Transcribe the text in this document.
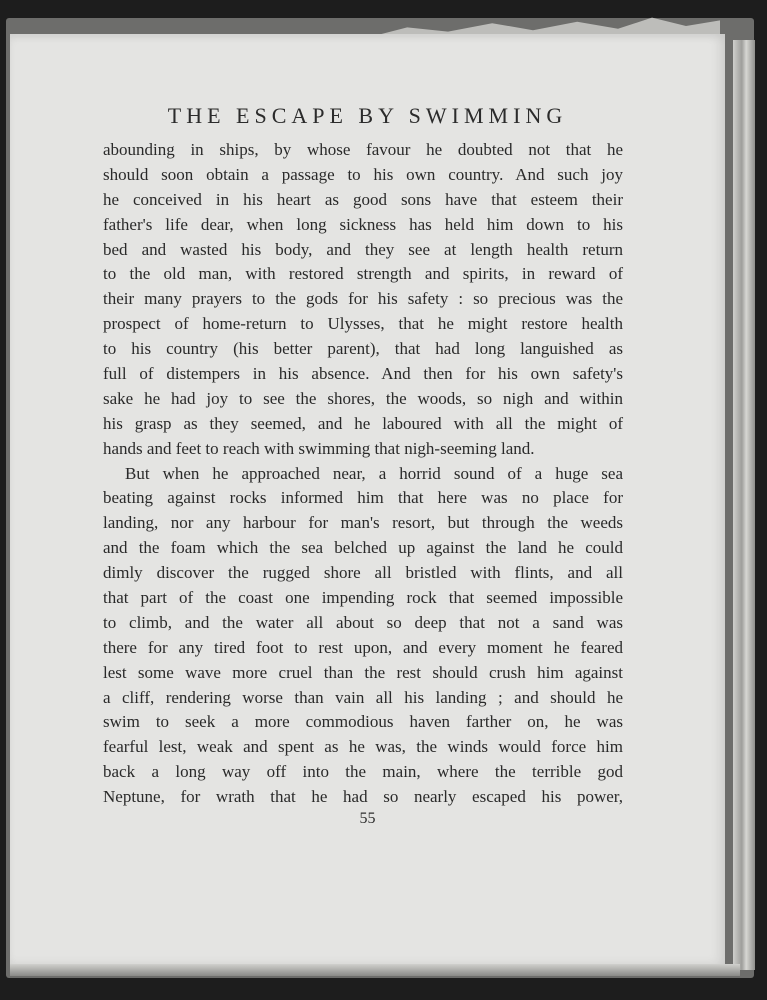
THE ESCAPE BY SWIMMING
abounding in ships, by whose favour he doubted not that he
should soon obtain a passage to his own country. And such joy
he conceived in his heart as good sons have that esteem their
father's life dear, when long sickness has held him down to his
bed and wasted his body, and they see at length health return
to the old man, with restored strength and spirits, in reward of
their many prayers to the gods for his safety : so precious was the
prospect of home-return to Ulysses, that he might restore health
to his country (his better parent), that had long languished as
full of distempers in his absence. And then for his own safety's
sake he had joy to see the shores, the woods, so nigh and within
his grasp as they seemed, and he laboured with all the might of
hands and feet to reach with swimming that nigh-seeming land.
But when he approached near, a horrid sound of a huge sea
beating against rocks informed him that here was no place for
landing, nor any harbour for man's resort, but through the weeds
and the foam which the sea belched up against the land he could
dimly discover the rugged shore all bristled with flints, and all
that part of the coast one impending rock that seemed impossible
to climb, and the water all about so deep that not a sand was
there for any tired foot to rest upon, and every moment he feared
lest some wave more cruel than the rest should crush him against
a cliff, rendering worse than vain all his landing ; and should he
swim to seek a more commodious haven farther on, he was
fearful lest, weak and spent as he was, the winds would force him
back a long way off into the main, where the terrible god
Neptune, for wrath that he had so nearly escaped his power,
55
